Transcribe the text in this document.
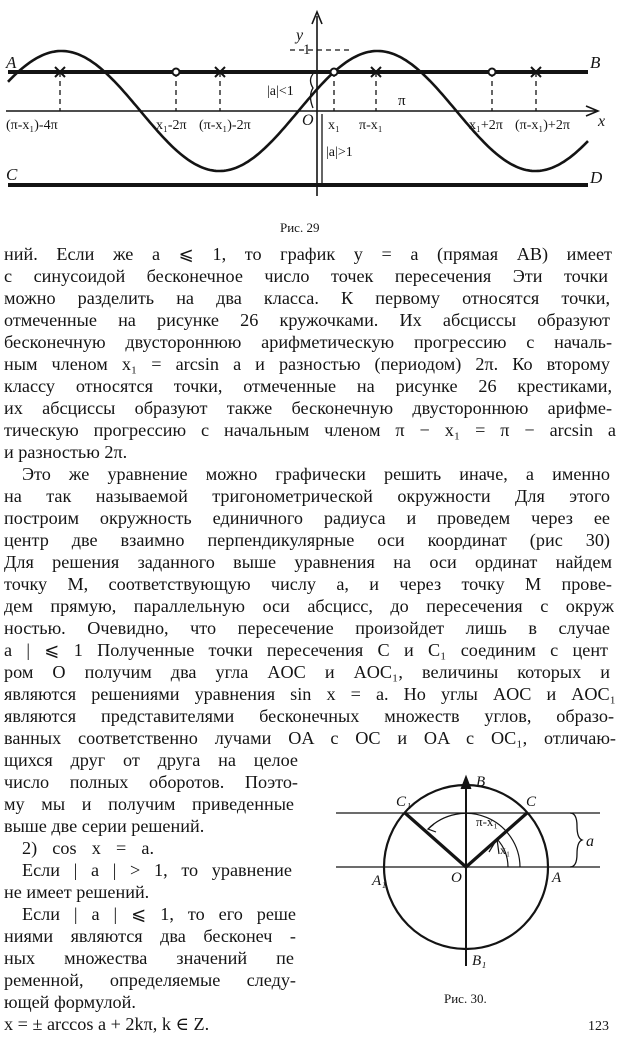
A	B
C	D
y
x
1
O
|a|<1
|a|>1
π
(π-x₁)-4π	x₁-2π (π-x₁)-2π	x₁ π-x₁	x₁+2π (π-x₁)+2π
Рис. 29
ний. Если же a ⩽ 1, то график y = a (прямая AB) имеет
с синусоидой бесконечное число точек пересечения Эти точки
можно разделить на два класса. К первому относятся точки,
отмеченные на рисунке 26 кружочками. Их абсциссы образуют
бесконечную двустороннюю арифметическую прогрессию с началь-
ным членом x₁ = arcsin a и разностью (периодом) 2π. Ко второму
классу относятся точки, отмеченные на рисунке 26 крестиками,
их абсциссы образуют также бесконечную двустороннюю арифме-
тическую прогрессию с начальным членом π − x₁ = π − arcsin a
и разностью 2π.
Это же уравнение можно графически решить иначе, а именно
на так называемой тригонометрической окружности Для этого
построим окружность единичного радиуса и проведем через ее
центр две взаимно перпендикулярные оси координат (рис 30)
Для решения заданного выше уравнения на оси ординат найдем
точку M, соответствующую числу a, и через точку M прове-
дем прямую, параллельную оси абсцисс, до пересечения с окруж
ностью. Очевидно, что пересечение произойдет лишь в случае
a | ⩽ 1 Полученные точки пересечения C и C₁ соединим с цент
ром O получим два угла AOC и AOC₁, величины которых и
являются решениями уравнения sin x = a. Но углы AOC и AOC₁
являются представителями бесконечных множеств углов, образо-
ванных соответственно лучами OA с OC и OA с OC₁, отличаю-
щихся друг от друга на целое
число полных оборотов. Поэто-
му мы и получим приведенные
выше две серии решений.
2) cos x = a.
Если | a | > 1, то уравнение
не имеет решений.
Если | a | ⩽ 1, то его реше
ниями являются два бесконеч -
ных множества значений пе
ременной, определяемые следу-
ющей формулой.
x = ± arccos a + 2kπ, k ∈ Z.
B
C₁	C
π-x₁
a
x₁
A₁	O	A
B₁
Рис. 30.
123
